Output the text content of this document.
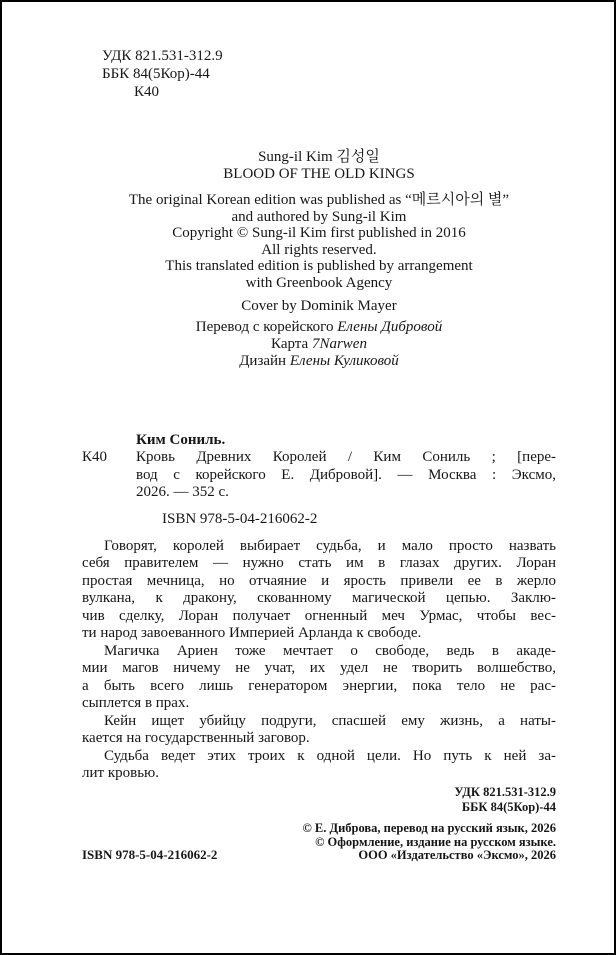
УДК 821.531-312.9
ББК 84(5Кор)-44
К40
Sung-il Kim 김성일
BLOOD OF THE OLD KINGS
The original Korean edition was published as “메르시아의 별”
and authored by Sung-il Kim
Copyright © Sung-il Kim first published in 2016
All rights reserved.
This translated edition is published by arrangement
with Greenbook Agency
Cover by Dominik Mayer
Перевод с корейского Елены Дибровой
Карта 7Narwen
Дизайн Елены Куликовой
Ким Сониль.
К40 Кровь Древних Королей / Ким Сониль ; [пере-
вод с корейского Е. Дибровой]. — Москва : Эксмо,
2026. — 352 с.
ISBN 978-5-04-216062-2
Говорят, королей выбирает судьба, и мало просто назвать
себя правителем — нужно стать им в глазах других. Лоран
простая мечница, но отчаяние и ярость привели ее в жерло
вулкана, к дракону, скованному магической цепью. Заклю-
чив сделку, Лоран получает огненный меч Урмас, чтобы вес-
ти народ завоеванного Империей Арланда к свободе.
Магичка Ариен тоже мечтает о свободе, ведь в акаде-
мии магов ничему не учат, их удел не творить волшебство,
а быть всего лишь генератором энергии, пока тело не рас-
сыплется в прах.
Кейн ищет убийцу подруги, спасшей ему жизнь, а наты-
кается на государственный заговор.
Судьба ведет этих троих к одной цели. Но путь к ней за-
лит кровью.
УДК 821.531-312.9
ББК 84(5Кор)-44
© Е. Диброва, перевод на русский язык, 2026
© Оформление, издание на русском языке.
ООО «Издательство «Эксмо», 2026
ISBN 978-5-04-216062-2
